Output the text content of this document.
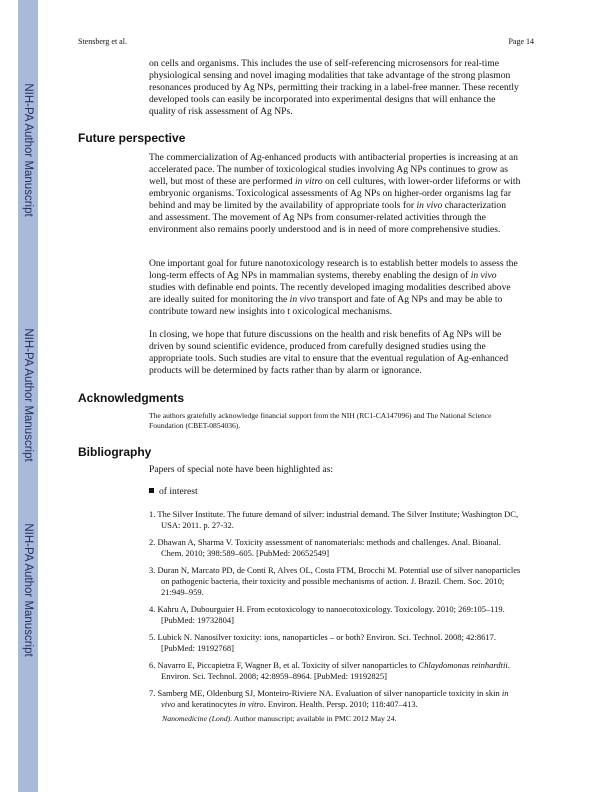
NIH-PA Author Manuscript
NIH-PA Author Manuscript
NIH-PA Author Manuscript
Stensberg et al.	Page 14

on cells and organisms. This includes the use of self-referencing microsensors for real-time physiological sensing and novel imaging modalities that take advantage of the strong plasmon resonances produced by Ag NPs, permitting their tracking in a label-free manner. These recently developed tools can easily be incorporated into experimental designs that will enhance the quality of risk assessment of Ag NPs.

Future perspective

The commercialization of Ag-enhanced products with antibacterial properties is increasing at an accelerated pace. The number of toxicological studies involving Ag NPs continues to grow as well, but most of these are performed in vitro on cell cultures, with lower-order lifeforms or with embryonic organisms. Toxicological assessments of Ag NPs on higher-order organisms lag far behind and may be limited by the availability of appropriate tools for in vivo characterization and assessment. The movement of Ag NPs from consumer-related activities through the environment also remains poorly understood and is in need of more comprehensive studies.

One important goal for future nanotoxicology research is to establish better models to assess the long-term effects of Ag NPs in mammalian systems, thereby enabling the design of in vivo studies with definable end points. The recently developed imaging modalities described above are ideally suited for monitoring the in vivo transport and fate of Ag NPs and may be able to contribute toward new insights into t oxicological mechanisms.

In closing, we hope that future discussions on the health and risk benefits of Ag NPs will be driven by sound scientific evidence, produced from carefully designed studies using the appropriate tools. Such studies are vital to ensure that the eventual regulation of Ag-enhanced products will be determined by facts rather than by alarm or ignorance.

Acknowledgments

The authors gratefully acknowledge financial support from the NIH (RC1-CA147096) and The National Science Foundation (CBET-0854036).

Bibliography

Papers of special note have been highlighted as:

of interest

1. The Silver Institute. The future demand of silver: industrial demand. The Silver Institute; Washington DC, USA: 2011. p. 27-32.
2. Dhawan A, Sharma V. Toxicity assessment of nanomaterials: methods and challenges. Anal. Bioanal. Chem. 2010; 398:589–605. [PubMed: 20652549]
3. Duran N, Marcato PD, de Conti R, Alves OL, Costa FTM, Brocchi M. Potential use of silver nanoparticles on pathogenic bacteria, their toxicity and possible mechanisms of action. J. Brazil. Chem. Soc. 2010; 21:949–959.
4. Kahru A, Dubourguier H. From ecotoxicology to nanoecotoxicology. Toxicology. 2010; 269:105–119. [PubMed: 19732804]
5. Lubick N. Nanosilver toxicity: ions, nanoparticles – or both? Environ. Sci. Technol. 2008; 42:8617. [PubMed: 19192768]
6. Navarro E, Piccapietra F, Wagner B, et al. Toxicity of silver nanoparticles to Chlaydomonas reinhardtii. Environ. Sci. Technol. 2008; 42:8959–8964. [PubMed: 19192825]
7. Samberg ME, Oldenburg SJ, Monteiro-Riviere NA. Evaluation of silver nanoparticle toxicity in skin in vivo and keratinocytes in vitro. Environ. Health. Persp. 2010; 118:407–413.
Nanomedicine (Lond). Author manuscript; available in PMC 2012 May 24.
